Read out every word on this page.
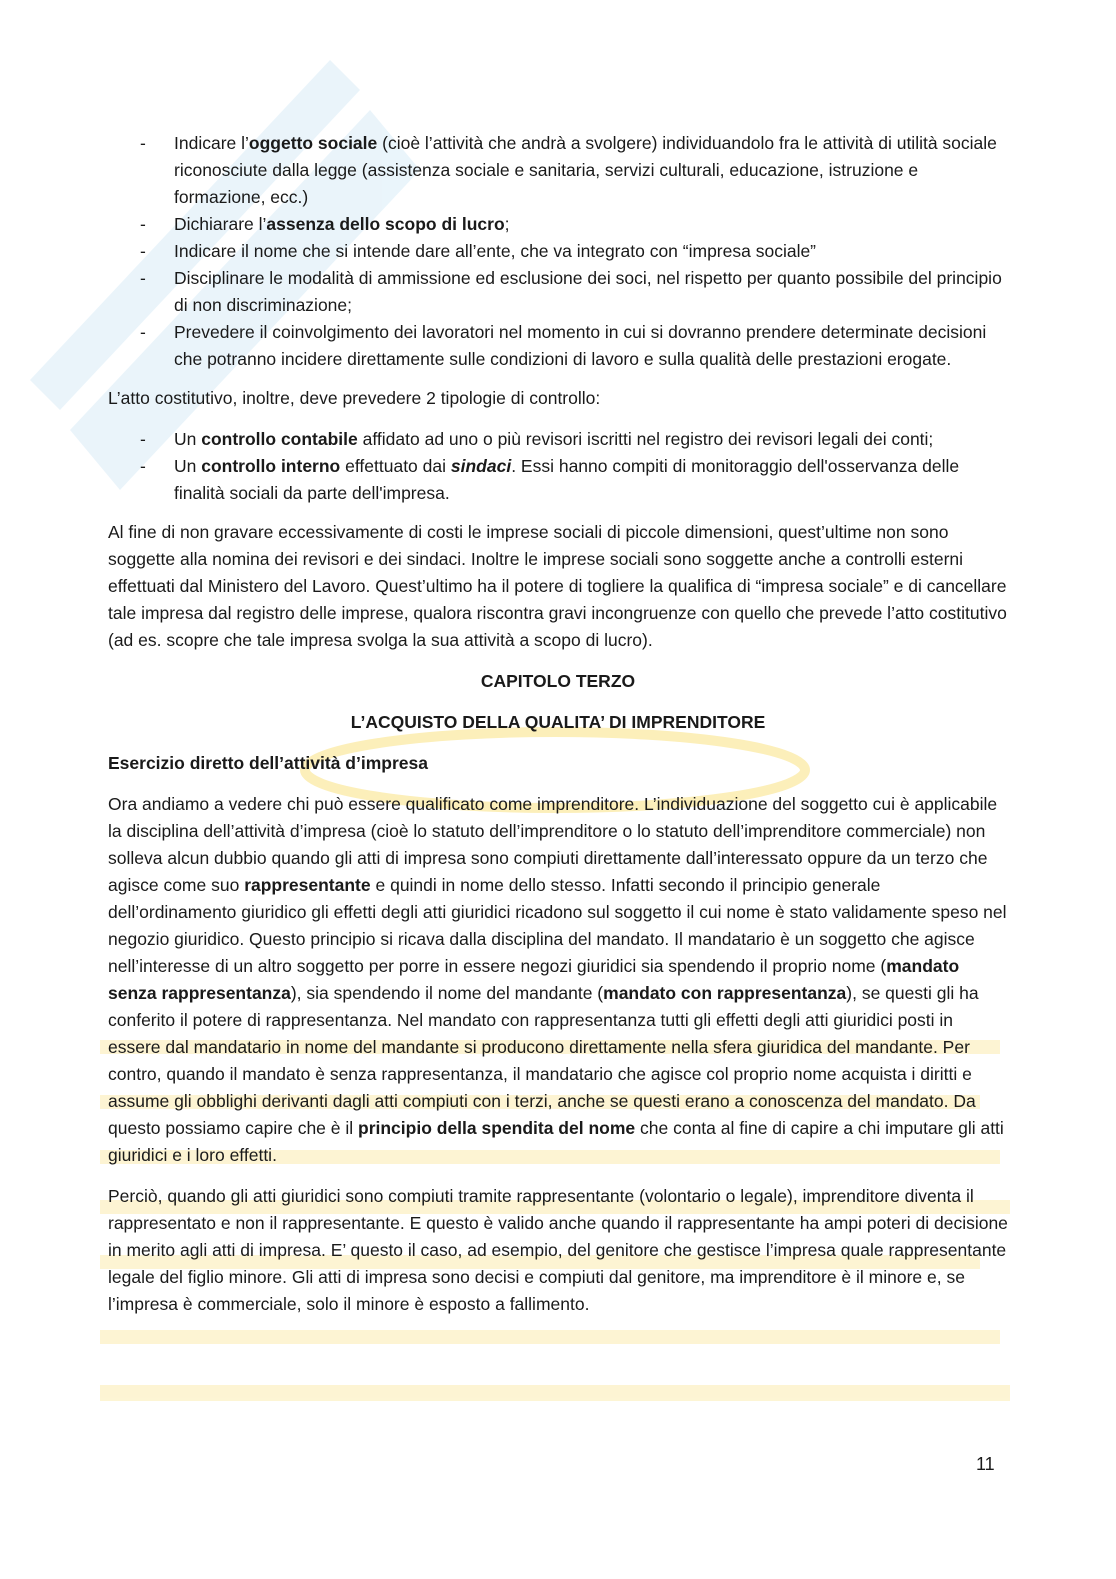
- Indicare l’oggetto sociale (cioè l’attività che andrà a svolgere) individuandolo fra le attività di utilità sociale riconosciute dalla legge (assistenza sociale e sanitaria, servizi culturali, educazione, istruzione e formazione, ecc.)
- Dichiarare l’assenza dello scopo di lucro;
- Indicare il nome che si intende dare all’ente, che va integrato con “impresa sociale”
- Disciplinare le modalità di ammissione ed esclusione dei soci, nel rispetto per quanto possibile del principio di non discriminazione;
- Prevedere il coinvolgimento dei lavoratori nel momento in cui si dovranno prendere determinate decisioni che potranno incidere direttamente sulle condizioni di lavoro e sulla qualità delle prestazioni erogate.

L’atto costitutivo, inoltre, deve prevedere 2 tipologie di controllo:

- Un controllo contabile affidato ad uno o più revisori iscritti nel registro dei revisori legali dei conti;
- Un controllo interno effettuato dai sindaci. Essi hanno compiti di monitoraggio dell'osservanza delle finalità sociali da parte dell'impresa.

Al fine di non gravare eccessivamente di costi le imprese sociali di piccole dimensioni, quest’ultime non sono soggette alla nomina dei revisori e dei sindaci. Inoltre le imprese sociali sono soggette anche a controlli esterni effettuati dal Ministero del Lavoro. Quest’ultimo ha il potere di togliere la qualifica di “impresa sociale” e di cancellare tale impresa dal registro delle imprese, qualora riscontra gravi incongruenze con quello che prevede l’atto costitutivo (ad es. scopre che tale impresa svolga la sua attività a scopo di lucro).

CAPITOLO TERZO
L’ACQUISTO DELLA QUALITA’ DI IMPRENDITORE
Esercizio diretto dell’attività d’impresa

Ora andiamo a vedere chi può essere qualificato come imprenditore. L’individuazione del soggetto cui è applicabile la disciplina dell’attività d’impresa (cioè lo statuto dell’imprenditore o lo statuto dell’imprenditore commerciale) non solleva alcun dubbio quando gli atti di impresa sono compiuti direttamente dall’interessato oppure da un terzo che agisce come suo rappresentante e quindi in nome dello stesso. Infatti secondo il principio generale dell’ordinamento giuridico gli effetti degli atti giuridici ricadono sul soggetto il cui nome è stato validamente speso nel negozio giuridico. Questo principio si ricava dalla disciplina del mandato. Il mandatario è un soggetto che agisce nell’interesse di un altro soggetto per porre in essere negozi giuridici sia spendendo il proprio nome (mandato senza rappresentanza), sia spendendo il nome del mandante (mandato con rappresentanza), se questi gli ha conferito il potere di rappresentanza. Nel mandato con rappresentanza tutti gli effetti degli atti giuridici posti in essere dal mandatario in nome del mandante si producono direttamente nella sfera giuridica del mandante. Per contro, quando il mandato è senza rappresentanza, il mandatario che agisce col proprio nome acquista i diritti e assume gli obblighi derivanti dagli atti compiuti con i terzi, anche se questi erano a conoscenza del mandato. Da questo possiamo capire che è il principio della spendita del nome che conta al fine di capire a chi imputare gli atti giuridici e i loro effetti.

Perciò, quando gli atti giuridici sono compiuti tramite rappresentante (volontario o legale), imprenditore diventa il rappresentato e non il rappresentante. E questo è valido anche quando il rappresentante ha ampi poteri di decisione in merito agli atti di impresa. E’ questo il caso, ad esempio, del genitore che gestisce l’impresa quale rappresentante legale del figlio minore. Gli atti di impresa sono decisi e compiuti dal genitore, ma imprenditore è il minore e, se l’impresa è commerciale, solo il minore è esposto a fallimento.

11
